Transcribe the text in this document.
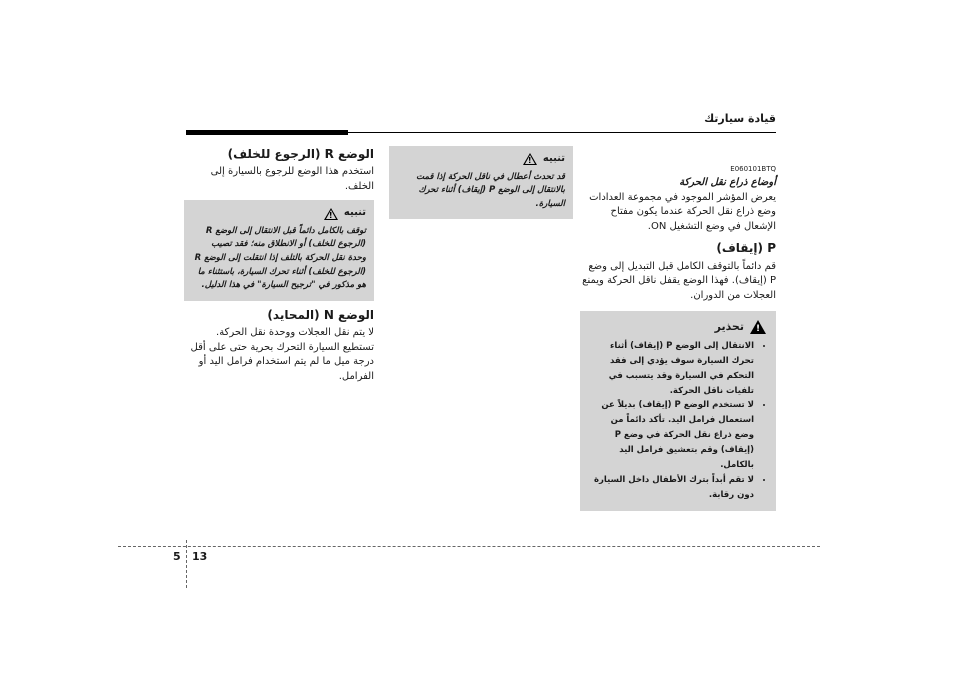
قيادة سيارتك
E060101BTQ

أوضاع ذراع نقل الحركة

يعرض المؤشر الموجود في مجموعة العدادات وضع ذراع نقل الحركة عندما يكون مفتاح الإشعال في وضع التشغيل ON.

P (إيقاف)

قم دائماً بالتوقف الكامل قبل التبديل إلى وضع P (إيقاف). فهذا الوضع يقفل ناقل الحركة ويمنع العجلات من الدوران.

!
تحذير
• الانتقال إلى الوضع P (إيقاف) أثناء تحرك السيارة سوف يؤدي إلى فقد التحكم في السيارة وقد يتسبب في تلفيات ناقل الحركة.
• لا تستخدم الوضع P (إيقاف) بديلاً عن استعمال فرامل اليد. تأكد دائماً من وضع ذراع نقل الحركة في وضع P (إيقاف) وقم بتعشيق فرامل اليد بالكامل.
• لا تقم أبداً بترك الأطفال داخل السيارة دون رقابة.
تنبيه
!

قد تحدث أعطال في ناقل الحركة إذا قمت بالانتقال إلى الوضع P (إيقاف) أثناء تحرك السيارة.

الوضع R (الرجوع للخلف)

استخدم هذا الوضع للرجوع بالسيارة إلى الخلف.

تنبيه
!

توقف بالكامل دائماً قبل الانتقال إلى الوضع R (الرجوع للخلف) أو الانطلاق منه؛ فقد تصيب وحدة نقل الحركة بالتلف إذا انتقلت إلى الوضع R (الرجوع للخلف) أثناء تحرك السيارة، باستثناء ما هو مذكور في "ترجيح السيارة" في هذا الدليل.

الوضع N (المحايد)

لا يتم نقل العجلات ووحدة نقل الحركة. تستطيع السيارة التحرك بحرية حتى على أقل درجة ميل ما لم يتم استخدام فرامل اليد أو الفرامل.

5 13
